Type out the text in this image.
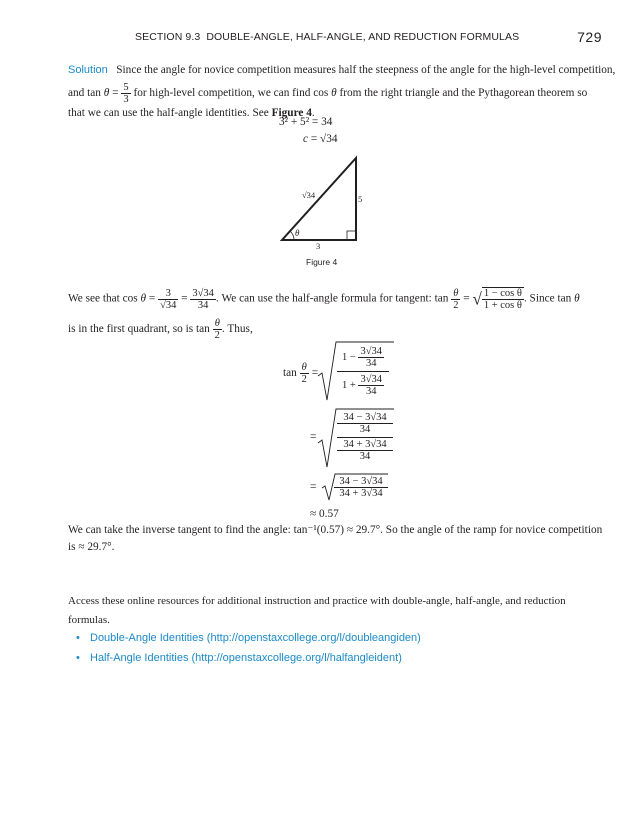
SECTION 9.3 DOUBLE-ANGLE, HALF-ANGLE, AND REDUCTION FORMULAS	729
Solution Since the angle for novice competition measures half the steepness of the angle for the high-level competition,
and $\tan \theta = \frac{5}{3}$ for high-level competition, we can find cos θ from the right triangle and the Pythagorean theorem so
that we can use the half-angle identities. See Figure 4.
3² + 5² = 34
c = √34
√34	5
3
θ
Figure 4
We see that $\cos \theta = \frac{3}{√34} = \frac{3√34}{34}$ . We can use the half-angle formula for tangent: $\tan \frac{\theta}{2}$ = √ $\frac{\text{1 − cos θ}}{\text{1 + cos θ}}$ . Since tan θ
is in the first quadrant, so is $\tan \frac{\theta}{2}$ . Thus,
$\tan \frac{\theta}{2}$ =
$1 - \frac{3√34}{34}$
$1 + \frac{3√34}{34}$
=
34 − 3√34
34
34 + 3√34
34
=	34 − 3√34
34 + 3√34
≈ 0.57
We can take the inverse tangent to find the angle: tan⁻¹(0.57) ≈ 29.7°. So the angle of the ramp for novice competition
is ≈ 29.7°.
Access these online resources for additional instruction and practice with double-angle, half-angle, and reduction
formulas.
• Double-Angle Identities (http://openstaxcollege.org/l/doubleangiden)
• Half-Angle Identities (http://openstaxcollege.org/l/halfangleident)
